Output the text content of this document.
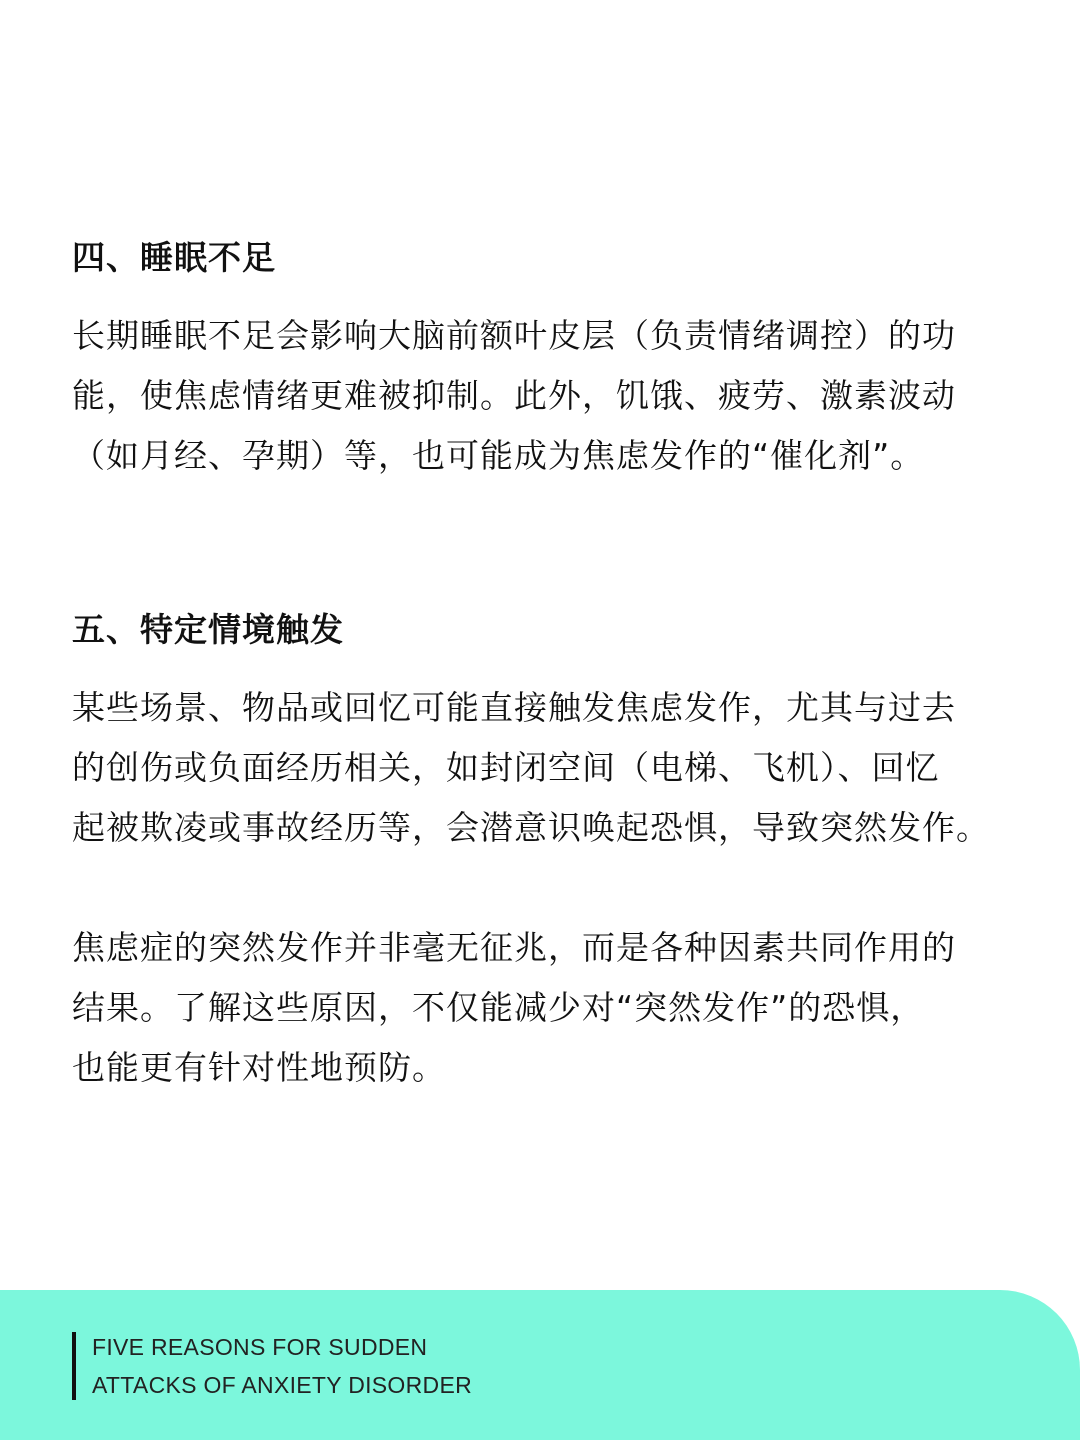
四、睡眠不足
长期睡眠不足会影响大脑前额叶皮层（负责情绪调控）的功
能，使焦虑情绪更难被抑制。此外，饥饿、疲劳、激素波动
（如月经、孕期）等，也可能成为焦虑发作的“催化剂”。
五、特定情境触发
某些场景、物品或回忆可能直接触发焦虑发作，尤其与过去
的创伤或负面经历相关，如封闭空间（电梯、飞机）、回忆
起被欺凌或事故经历等，会潜意识唤起恐惧，导致突然发作。
焦虑症的突然发作并非毫无征兆，而是各种因素共同作用的
结果。了解这些原因，不仅能减少对“突然发作”的恐惧，
也能更有针对性地预防。
FIVE REASONS FOR SUDDEN
ATTACKS OF ANXIETY DISORDER
